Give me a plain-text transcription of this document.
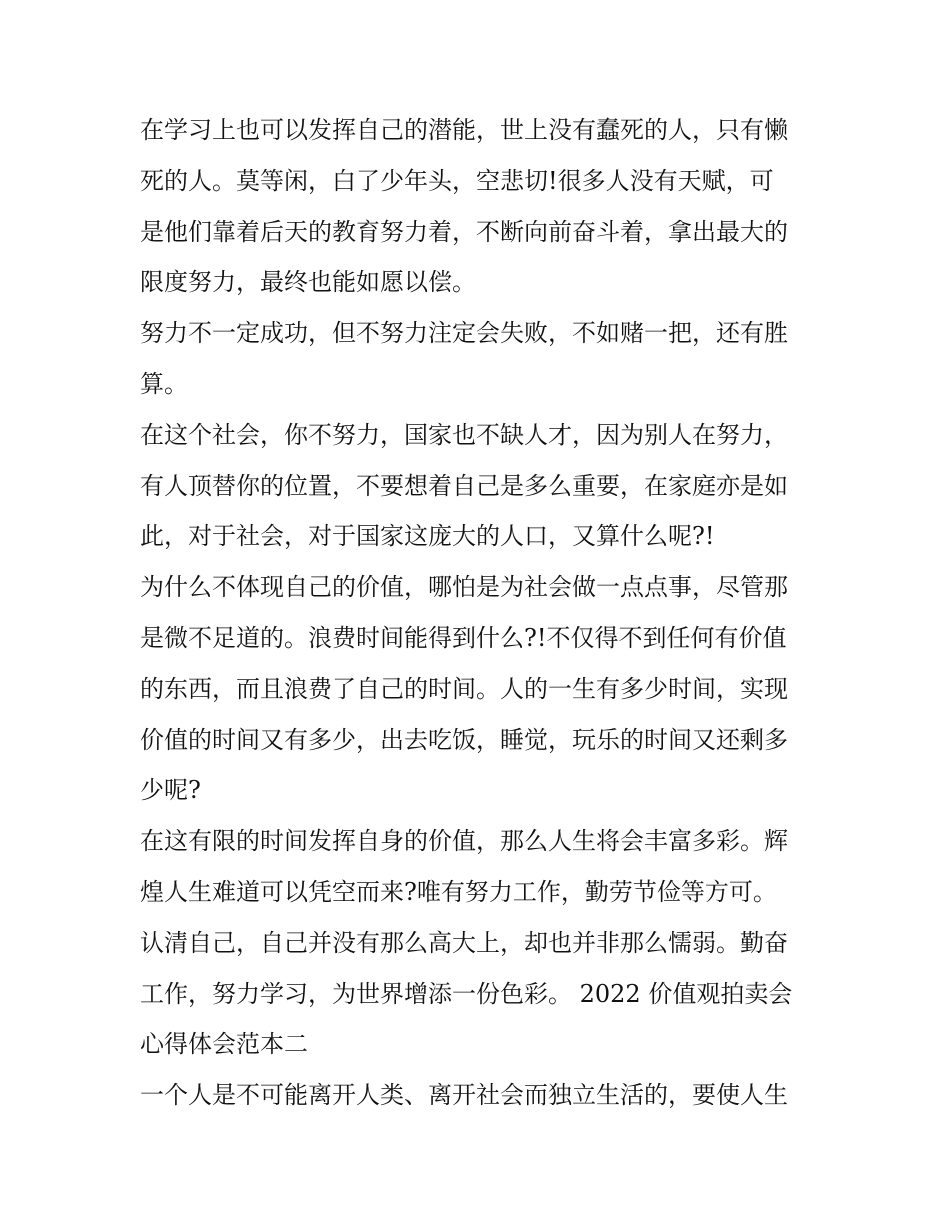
在学习上也可以发挥自己的潜能，世上没有蠢死的人，只有懒
死的人。莫等闲，白了少年头，空悲切!很多人没有天赋，可
是他们靠着后天的教育努力着，不断向前奋斗着，拿出最大的
限度努力，最终也能如愿以偿。
努力不一定成功，但不努力注定会失败，不如赌一把，还有胜
算。
在这个社会，你不努力，国家也不缺人才，因为别人在努力，
有人顶替你的位置，不要想着自己是多么重要，在家庭亦是如
此，对于社会，对于国家这庞大的人口，又算什么呢?!
为什么不体现自己的价值，哪怕是为社会做一点点事，尽管那
是微不足道的。浪费时间能得到什么?!不仅得不到任何有价值
的东西，而且浪费了自己的时间。人的一生有多少时间，实现
价值的时间又有多少，出去吃饭，睡觉，玩乐的时间又还剩多
少呢?
在这有限的时间发挥自身的价值，那么人生将会丰富多彩。辉
煌人生难道可以凭空而来?唯有努力工作，勤劳节俭等方可。
认清自己，自己并没有那么高大上，却也并非那么懦弱。勤奋
工作，努力学习，为世界增添一份色彩。 2022 价值观拍卖会
心得体会范本二
一个人是不可能离开人类、离开社会而独立生活的，要使人生
